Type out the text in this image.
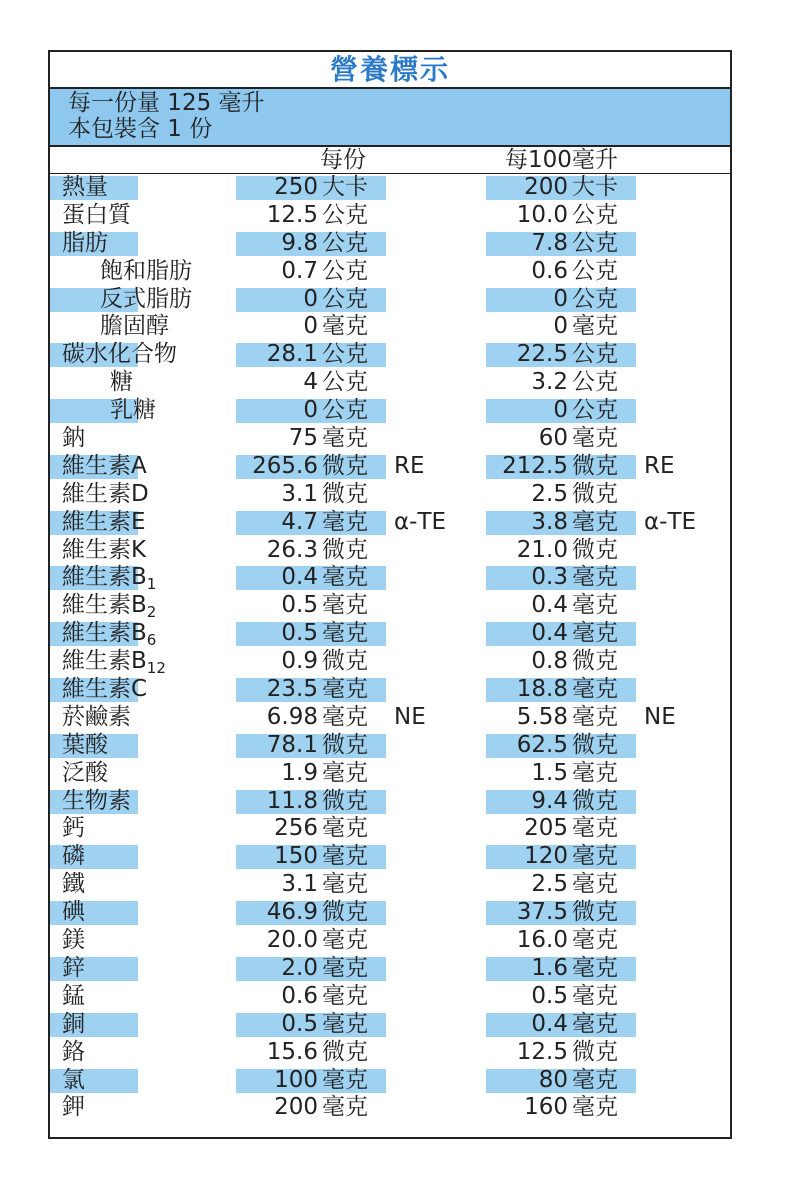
營養標示
每一份量 125 毫升
本包裝含 1 份
每份	每100毫升
熱量	250 大卡	200 大卡
蛋白質	12.5 公克	10.0 公克
脂肪	9.8 公克	7.8 公克
飽和脂肪	0.7 公克	0.6 公克
反式脂肪	0 公克	0 公克
膽固醇	0 毫克	0 毫克
碳水化合物	28.1 公克	22.5 公克
糖	4 公克	3.2 公克
乳糖	0 公克	0 公克
鈉	75 毫克	60 毫克
維生素A	265.6 微克 RE	212.5 微克 RE
維生素D	3.1 微克	2.5 微克
維生素E	4.7 毫克 α-TE	3.8 毫克 α-TE
維生素K	26.3 微克	21.0 微克
維生素$B_1$	0.4 毫克	0.3 毫克
維生素$B_2$	0.5 毫克	0.4 毫克
維生素$B_6$	0.5 毫克	0.4 毫克
維生素$B_{12}$	0.9 微克	0.8 微克
維生素C	23.5 毫克	18.8 毫克
菸鹼素	6.98 毫克 NE	5.58 毫克 NE
葉酸	78.1 微克	62.5 微克
泛酸	1.9 毫克	1.5 毫克
生物素	11.8 微克	9.4 微克
鈣	256 毫克	205 毫克
磷	150 毫克	120 毫克
鐵	3.1 毫克	2.5 毫克
碘	46.9 微克	37.5 微克
鎂	20.0 毫克	16.0 毫克
鋅	2.0 毫克	1.6 毫克
錳	0.6 毫克	0.5 毫克
銅	0.5 毫克	0.4 毫克
鉻	15.6 微克	12.5 微克
氯	100 毫克	80 毫克
鉀	200 毫克	160 毫克
